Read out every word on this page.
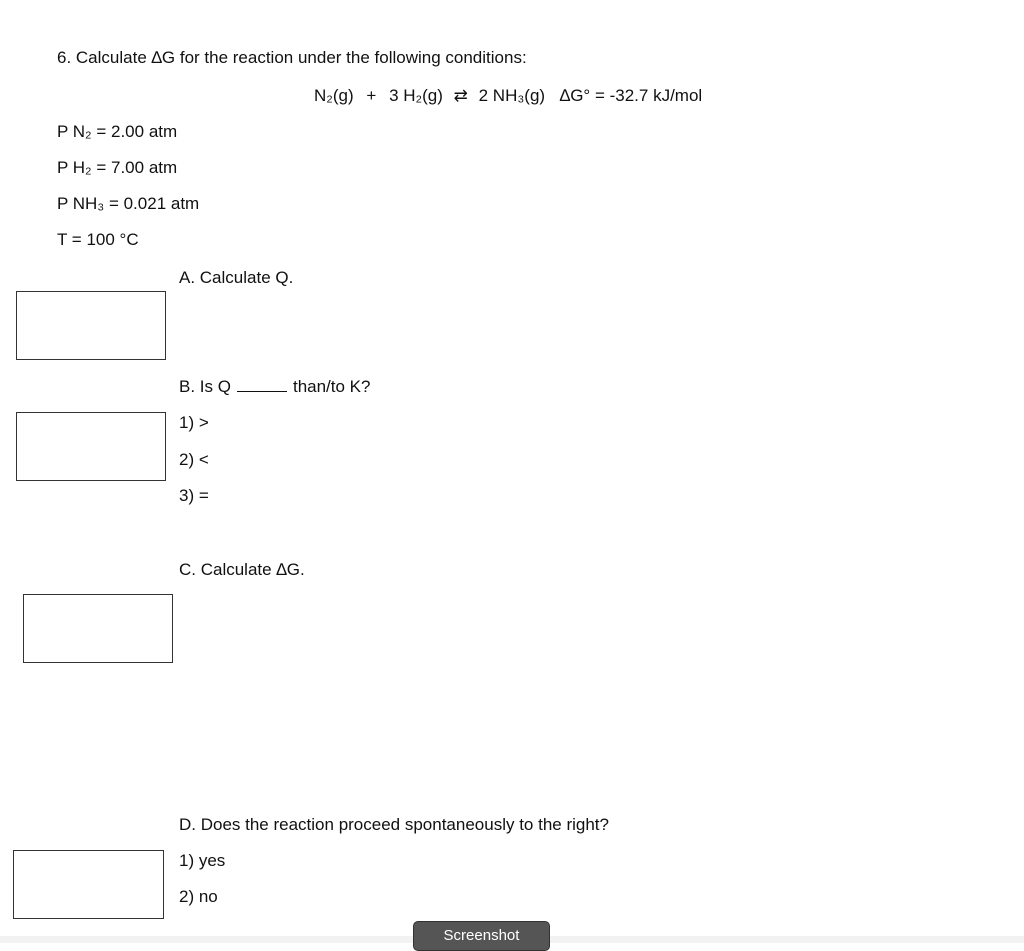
6. Calculate ∆G for the reaction under the following conditions:
N₂(g) + 3 H₂(g) ⇄ 2 NH₃(g) ∆G° = -32.7 kJ/mol
P N₂ = 2.00 atm
P H₂ = 7.00 atm
P NH₃ = 0.021 atm
T = 100 °C
A. Calculate Q.
B. Is Q	than/to K?
1) >
2) <
3) =
C. Calculate ∆G.
D. Does the reaction proceed spontaneously to the right?
1) yes
2) no
Screenshot
